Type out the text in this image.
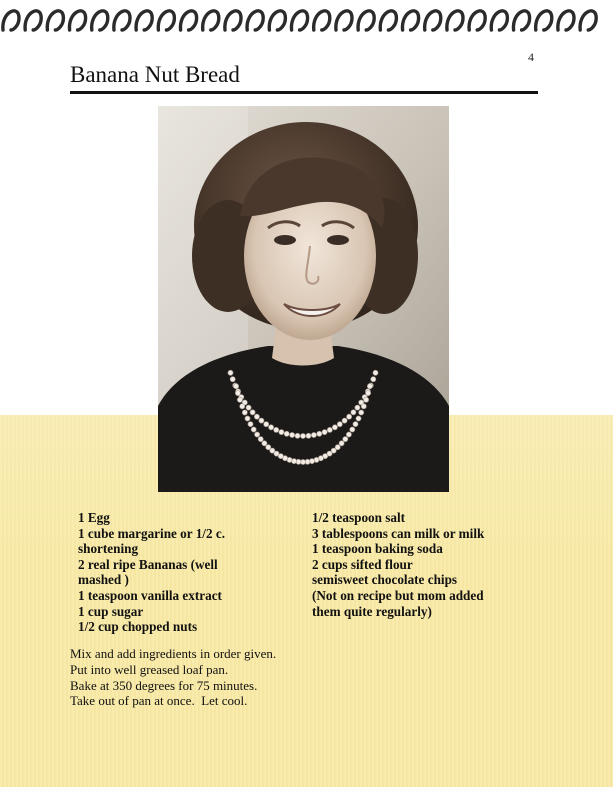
4
Banana Nut Bread
1 Egg
1 cube margarine or 1/2 c.
shortening
2 real ripe Bananas (well
mashed )
1 teaspoon vanilla extract
1 cup sugar
1/2 cup chopped nuts
1/2 teaspoon salt
3 tablespoons can milk or milk
1 teaspoon baking soda
2 cups sifted flour
semisweet chocolate chips
(Not on recipe but mom added
them quite regularly)
Mix and add ingredients in order given.
Put into well greased loaf pan.
Bake at 350 degrees for 75 minutes.
Take out of pan at once.  Let cool.
